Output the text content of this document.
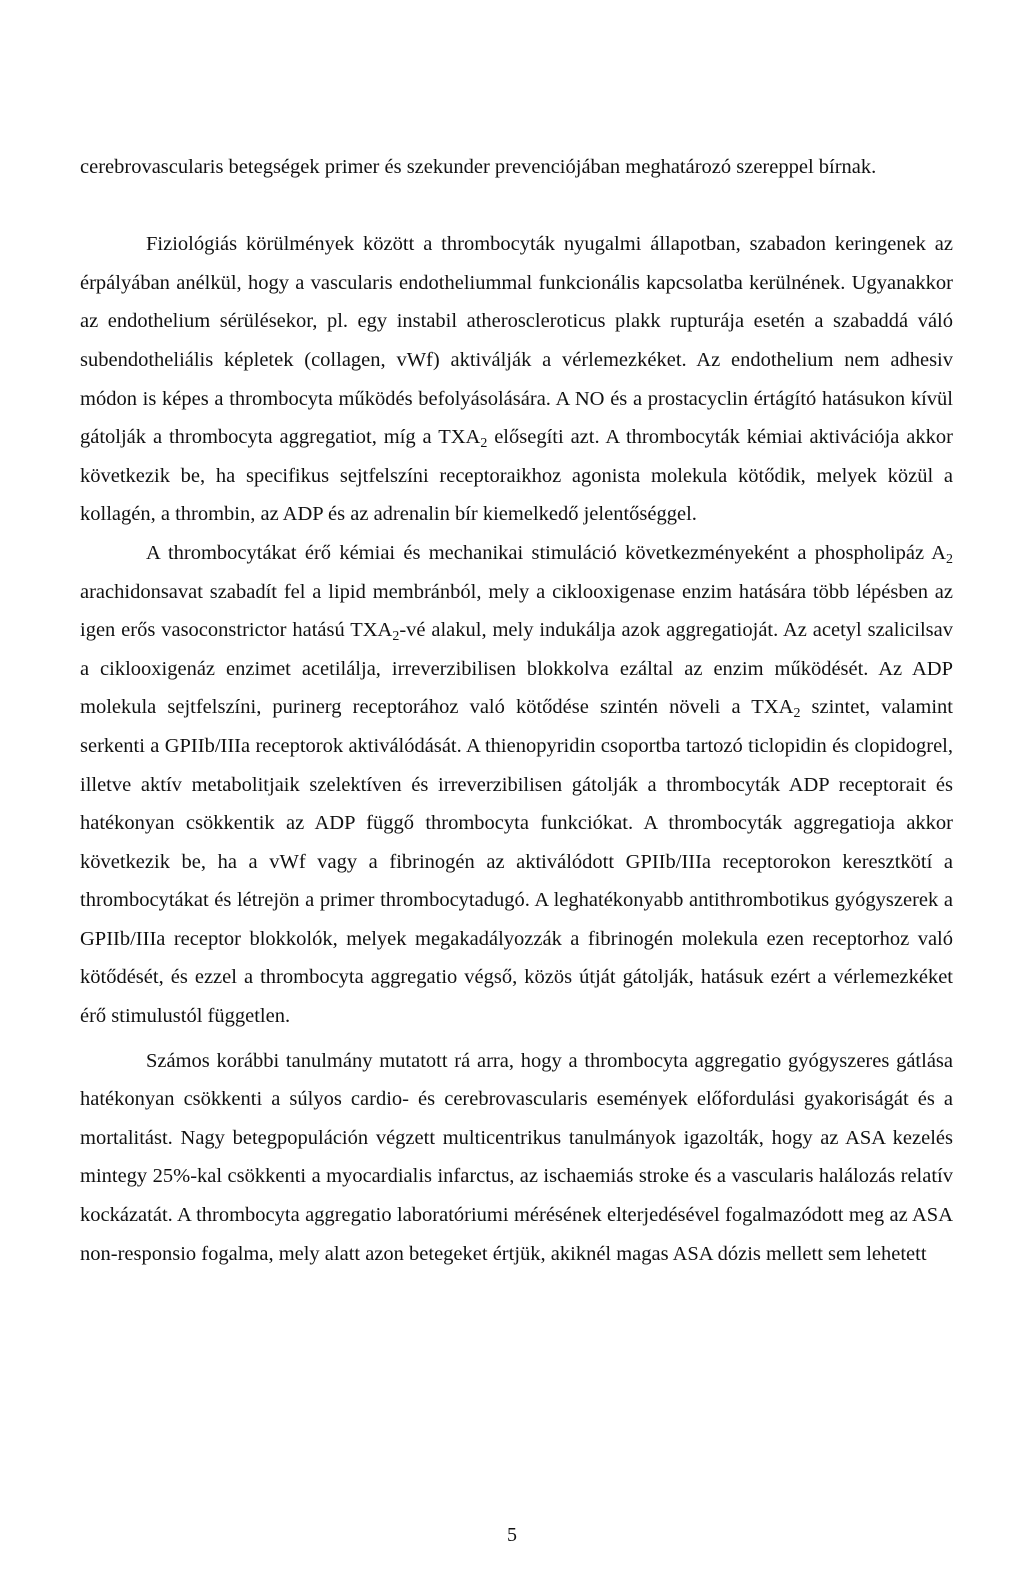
cerebrovascularis betegségek primer és szekunder prevenciójában meghatározó szereppel bírnak.

Fiziológiás körülmények között a thrombocyták nyugalmi állapotban, szabadon keringenek az érpályában anélkül, hogy a vascularis endotheliummal funkcionális kapcsolatba kerülnének. Ugyanakkor az endothelium sérülésekor, pl. egy instabil atheroscleroticus plakk rupturája esetén a szabaddá váló subendotheliális képletek (collagen, vWf) aktiválják a vérlemezkéket. Az endothelium nem adhesiv módon is képes a thrombocyta működés befolyásolására. A NO és a prostacyclin értágító hatásukon kívül gátolják a thrombocyta aggregatiot, míg a $TXA_2$ elősegíti azt. A thrombocyták kémiai aktivációja akkor következik be, ha specifikus sejtfelszíni receptoraikhoz agonista molekula kötődik, melyek közül a kollagén, a thrombin, az ADP és az adrenalin bír kiemelkedő jelentőséggel.

A thrombocytákat érő kémiai és mechanikai stimuláció következményeként a phospholipáz $A_2$ arachidonsavat szabadít fel a lipid membránból, mely a ciklooxigenase enzim hatására több lépésben az igen erős vasoconstrictor hatású $TXA_2-vé$ alakul, mely indukálja azok aggregatioját. Az acetyl szalicilsav a ciklooxigenáz enzimet acetilálja, irreverzibilisen blokkolva ezáltal az enzim működését. Az ADP molekula sejtfelszíni, purinerg receptorához való kötődése szintén növeli a $TXA_2$ szintet, valamint serkenti a GPIIb/IIIa receptorok aktiválódását. A thienopyridin csoportba tartozó ticlopidin és clopidogrel, illetve aktív metabolitjaik szelektíven és irreverzibilisen gátolják a thrombocyták ADP receptorait és hatékonyan csökkentik az ADP függő thrombocyta funkciókat. A thrombocyták aggregatioja akkor következik be, ha a vWf vagy a fibrinogén az aktiválódott GPIIb/IIIa receptorokon keresztkötí a thrombocytákat és létrejön a primer thrombocytadugó. A leghatékonyabb antithrombotikus gyógyszerek a GPIIb/IIIa receptor blokkolók, melyek megakadályozzák a fibrinogén molekula ezen receptorhoz való kötődését, és ezzel a thrombocyta aggregatio végső, közös útját gátolják, hatásuk ezért a vérlemezkéket érő stimulustól független.

Számos korábbi tanulmány mutatott rá arra, hogy a thrombocyta aggregatio gyógyszeres gátlása hatékonyan csökkenti a súlyos cardio- és cerebrovascularis események előfordulási gyakoriságát és a mortalitást. Nagy betegpopuláción végzett multicentrikus tanulmányok igazolták, hogy az ASA kezelés mintegy 25%-kal csökkenti a myocardialis infarctus, az ischaemiás stroke és a vascularis halálozás relatív kockázatát. A thrombocyta aggregatio laboratóriumi mérésének elterjedésével fogalmazódott meg az ASA non-responsio fogalma, mely alatt azon betegeket értjük, akiknél magas ASA dózis mellett sem lehetett

5
